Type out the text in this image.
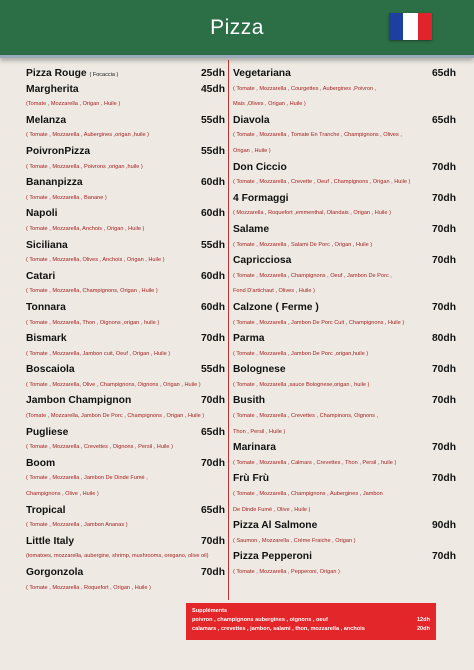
Pizza
Pizza Rouge ( Focaccia )	25dh
Margherita	45dh
(Tomate , Mozzarella , Origan , Huile )
Melanza	55dh
( Tomate , Mozzarella , Aubergines ,origan ,huile )
PoivronPizza	55dh
( Tomate , Mozzarella , Poivrons ,origan ,huile )
Bananpizza	60dh
( Tomate , Mozzarella , Banane )
Napoli	60dh
( Tomate , Mozzarella, Anchois , Origan , Huile )
Siciliana	55dh
( Tomate , Mozzarella, Olives , Anchois , Origan , Huile )
Catari	60dh
( Tomate , Mozzarella, Champignons, Origan , Huile )
Tonnara	60dh
( Tomate , Mozzarella, Thon , Oignons ,origan , huile )
Bismark	70dh
( Tomate , Mozzarella, Jambon cuit, Oeuf , Origan , Huile )
Boscaiola	55dh
( Tomate , Mozzarella, Olive , Champignons, Oignons , Origan , Huile )
Jambon Champignon	70dh
(Tomate , Mozzarella, Jambon De Porc , Champignons , Origan , Huile )
Pugliese	65dh
( Tomate , Mozzarella , Crevettes , Oignons , Persil , Huile )
Boom	70dh
( Tomate , Mozzarella , Jambon De Dinde Fumé ,
Champignons , Olive , Huile )
Tropical	65dh
( Tomate , Mozzarella , Jambon Ananas )
Little Italy	70dh
(tomatoes, mozzarella, aubergine, shrimp, mushrooms, oregano, olive oil)
Gorgonzola	70dh
( Tomate , Mozzarella , Roquefort , Origan , Huile )
Vegetariana	65dh
( Tomate , Mozzarella , Courgettes , Aubergines ,Poivron ,
Mais ,Olives , Origan , Huile )
Diavola	65dh
( Tomate , Mozzarella , Tomate En Tranche , Champignons , Olives ,
Origan , Huile )
Don Ciccio	70dh
( Tomate , Mozzarella , Crevette , Oeuf , Champignons , Origan , Huile )
4 Formaggi	70dh
( Mozzarella , Roquefort ,emmenthal, Olandais , Origan , Huile )
Salame	70dh
( Tomate , Mozzarella , Salami De Porc , Origan , Huile )
Capricciosa	70dh
( Tomate , Mozzarella , Champignons , Oeuf , Jambon De Porc ,
Fond D'artichaut , Olives , Huile )
Calzone ( Ferme )	70dh
( Tomate , Mozzarella , Jambon De Porc Cuit , Champignons , Huile )
Parma	80dh
( Tomate , Mozzarella , Jambon De Porc ,origan,huile )
Bolognese	70dh
( Tomate , Mozzarella ,sauce Bolognese,origan , huile )
Busith	70dh
( Tomate , Mozzarella , Crevettes , Champinons, Oignons ,
Thon , Persil , Huile )
Marinara	70dh
( Tomate , Mozzarella , Calmars , Crevettes , Thon , Persil , huile )
Frù Frù	70dh
( Tomate , Mozzarella , Champignons , Aubergines , Jambon
De Dinde Fumé , Olive , Huile )
Pizza Al Salmone	90dh
( Saumon , Mozzarella , Créme Fraiche , Origan )
Pizza Pepperoni	70dh
( Tomate , Mozzarella , Pepperoni, Origan )
Suppléments
poivron , champignons aubergines , oignons , oeuf	12dh
calamars , crevettes , jambon, salami , thon, mozzarella , anchois	20dh
